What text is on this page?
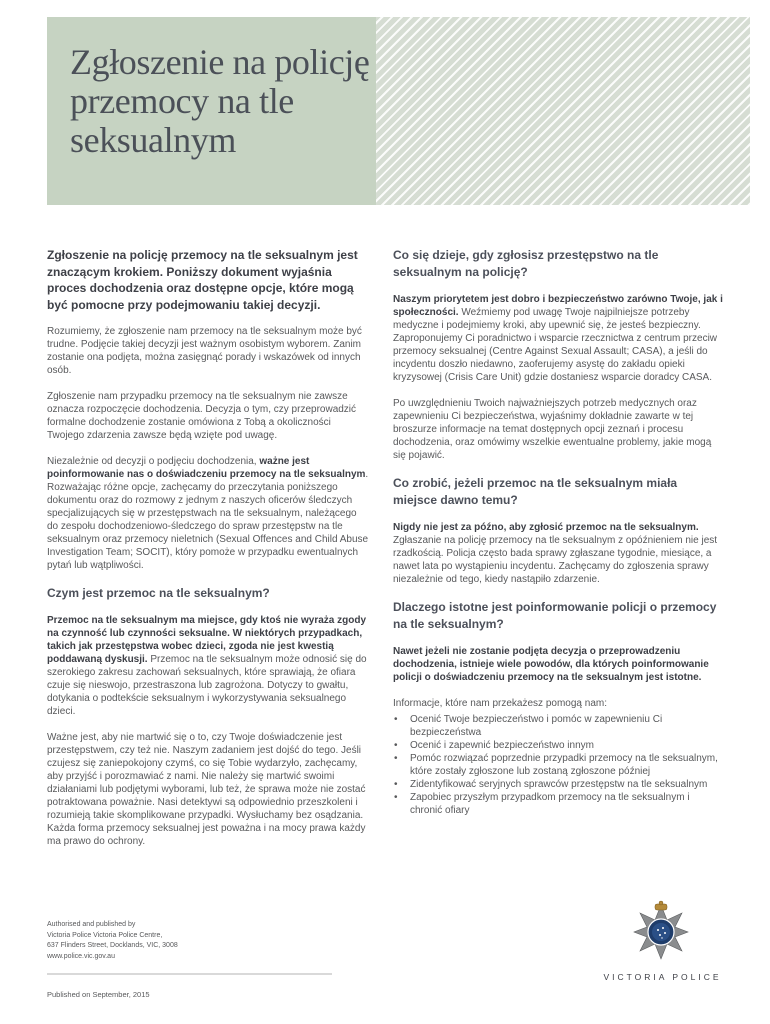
Zgłoszenie na policję przemocy na tle seksualnym

Zgłoszenie na policję przemocy na tle seksualnym jest znaczącym krokiem. Poniższy dokument wyjaśnia proces dochodzenia oraz dostępne opcje, które mogą być pomocne przy podejmowaniu takiej decyzji.

Rozumiemy, że zgłoszenie nam przemocy na tle seksualnym może być trudne. Podjęcie takiej decyzji jest ważnym osobistym wyborem. Zanim zostanie ona podjęta, można zasięgnąć porady i wskazówek od innych osób.

Zgłoszenie nam przypadku przemocy na tle seksualnym nie zawsze oznacza rozpoczęcie dochodzenia. Decyzja o tym, czy przeprowadzić formalne dochodzenie zostanie omówiona z Tobą a okoliczności Twojego zdarzenia zawsze będą wzięte pod uwagę.

Niezależnie od decyzji o podjęciu dochodzenia, ważne jest poinformowanie nas o doświadczeniu przemocy na tle seksualnym. Rozważając różne opcje, zachęcamy do przeczytania poniższego dokumentu oraz do rozmowy z jednym z naszych oficerów śledczych specjalizujących się w przestępstwach na tle seksualnym, należącego do zespołu dochodzeniowo-śledczego do spraw przestępstw na tle seksualnym oraz przemocy nieletnich (Sexual Offences and Child Abuse Investigation Team; SOCIT), który pomoże w przypadku ewentualnych pytań lub wątpliwości.

Czym jest przemoc na tle seksualnym?

Przemoc na tle seksualnym ma miejsce, gdy ktoś nie wyraża zgody na czynność lub czynności seksualne. W niektórych przypadkach, takich jak przestępstwa wobec dzieci, zgoda nie jest kwestią poddawaną dyskusji. Przemoc na tle seksualnym może odnosić się do szerokiego zakresu zachowań seksualnych, które sprawiają, że ofiara czuje się nieswojo, przestraszona lub zagrożona. Dotyczy to gwałtu, dotykania o podtekście seksualnym i wykorzystywania seksualnego dzieci.

Ważne jest, aby nie martwić się o to, czy Twoje doświadczenie jest przestępstwem, czy też nie. Naszym zadaniem jest dojść do tego. Jeśli czujesz się zaniepokojony czymś, co się Tobie wydarzyło, zachęcamy, aby przyjść i porozmawiać z nami. Nie należy się martwić swoimi działaniami lub podjętymi wyborami, lub też, że sprawa może nie zostać potraktowana poważnie. Nasi detektywi są odpowiednio przeszkoleni i rozumieją takie skomplikowane przypadki. Wysłuchamy bez osądzania. Każda forma przemocy seksualnej jest poważna i na mocy prawa każdy ma prawo do ochrony.

Co się dzieje, gdy zgłosisz przestępstwo na tle seksualnym na policję?

Naszym priorytetem jest dobro i bezpieczeństwo zarówno Twoje, jak i społeczności. Weźmiemy pod uwagę Twoje najpilniejsze potrzeby medyczne i podejmiemy kroki, aby upewnić się, że jesteś bezpieczny. Zaproponujemy Ci poradnictwo i wsparcie rzecznictwa z centrum przeciw przemocy seksualnej (Centre Against Sexual Assault; CASA), a jeśli do incydentu doszło niedawno, zaoferujemy asystę do zakładu opieki kryzysowej (Crisis Care Unit) gdzie dostaniesz wsparcie doradcy CASA.

Po uwzględnieniu Twoich najważniejszych potrzeb medycznych oraz zapewnieniu Ci bezpieczeństwa, wyjaśnimy dokładnie zawarte w tej broszurze informacje na temat dostępnych opcji zeznań i procesu dochodzenia, oraz omówimy wszelkie ewentualne problemy, jakie mogą się pojawić.

Co zrobić, jeżeli przemoc na tle seksualnym miała miejsce dawno temu?

Nigdy nie jest za późno, aby zgłosić przemoc na tle seksualnym. Zgłaszanie na policję przemocy na tle seksualnym z opóźnieniem nie jest rzadkością. Policja często bada sprawy zgłaszane tygodnie, miesiące, a nawet lata po wystąpieniu incydentu. Zachęcamy do zgłoszenia sprawy niezależnie od tego, kiedy nastąpiło zdarzenie.

Dlaczego istotne jest poinformowanie policji o przemocy na tle seksualnym?

Nawet jeżeli nie zostanie podjęta decyzja o przeprowadzeniu dochodzenia, istnieje wiele powodów, dla których poinformowanie policji o doświadczeniu przemocy na tle seksualnym jest istotne.

Informacje, które nam przekażesz pomogą nam:

• Ocenić Twoje bezpieczeństwo i pomóc w zapewnieniu Ci bezpieczeństwa
• Ocenić i zapewnić bezpieczeństwo innym
• Pomóc rozwiązać poprzednie przypadki przemocy na tle seksualnym, które zostały zgłoszone lub zostaną zgłoszone później
• Zidentyfikować seryjnych sprawców przestępstw na tle seksualnym
• Zapobiec przyszłym przypadkom przemocy na tle seksualnym i chronić ofiary
Authorised and published by
Victoria Police Victoria Police Centre,
637 Flinders Street, Docklands, VIC, 3008
www.police.vic.gov.au
Published on September, 2015
VICTORIA POLICE
